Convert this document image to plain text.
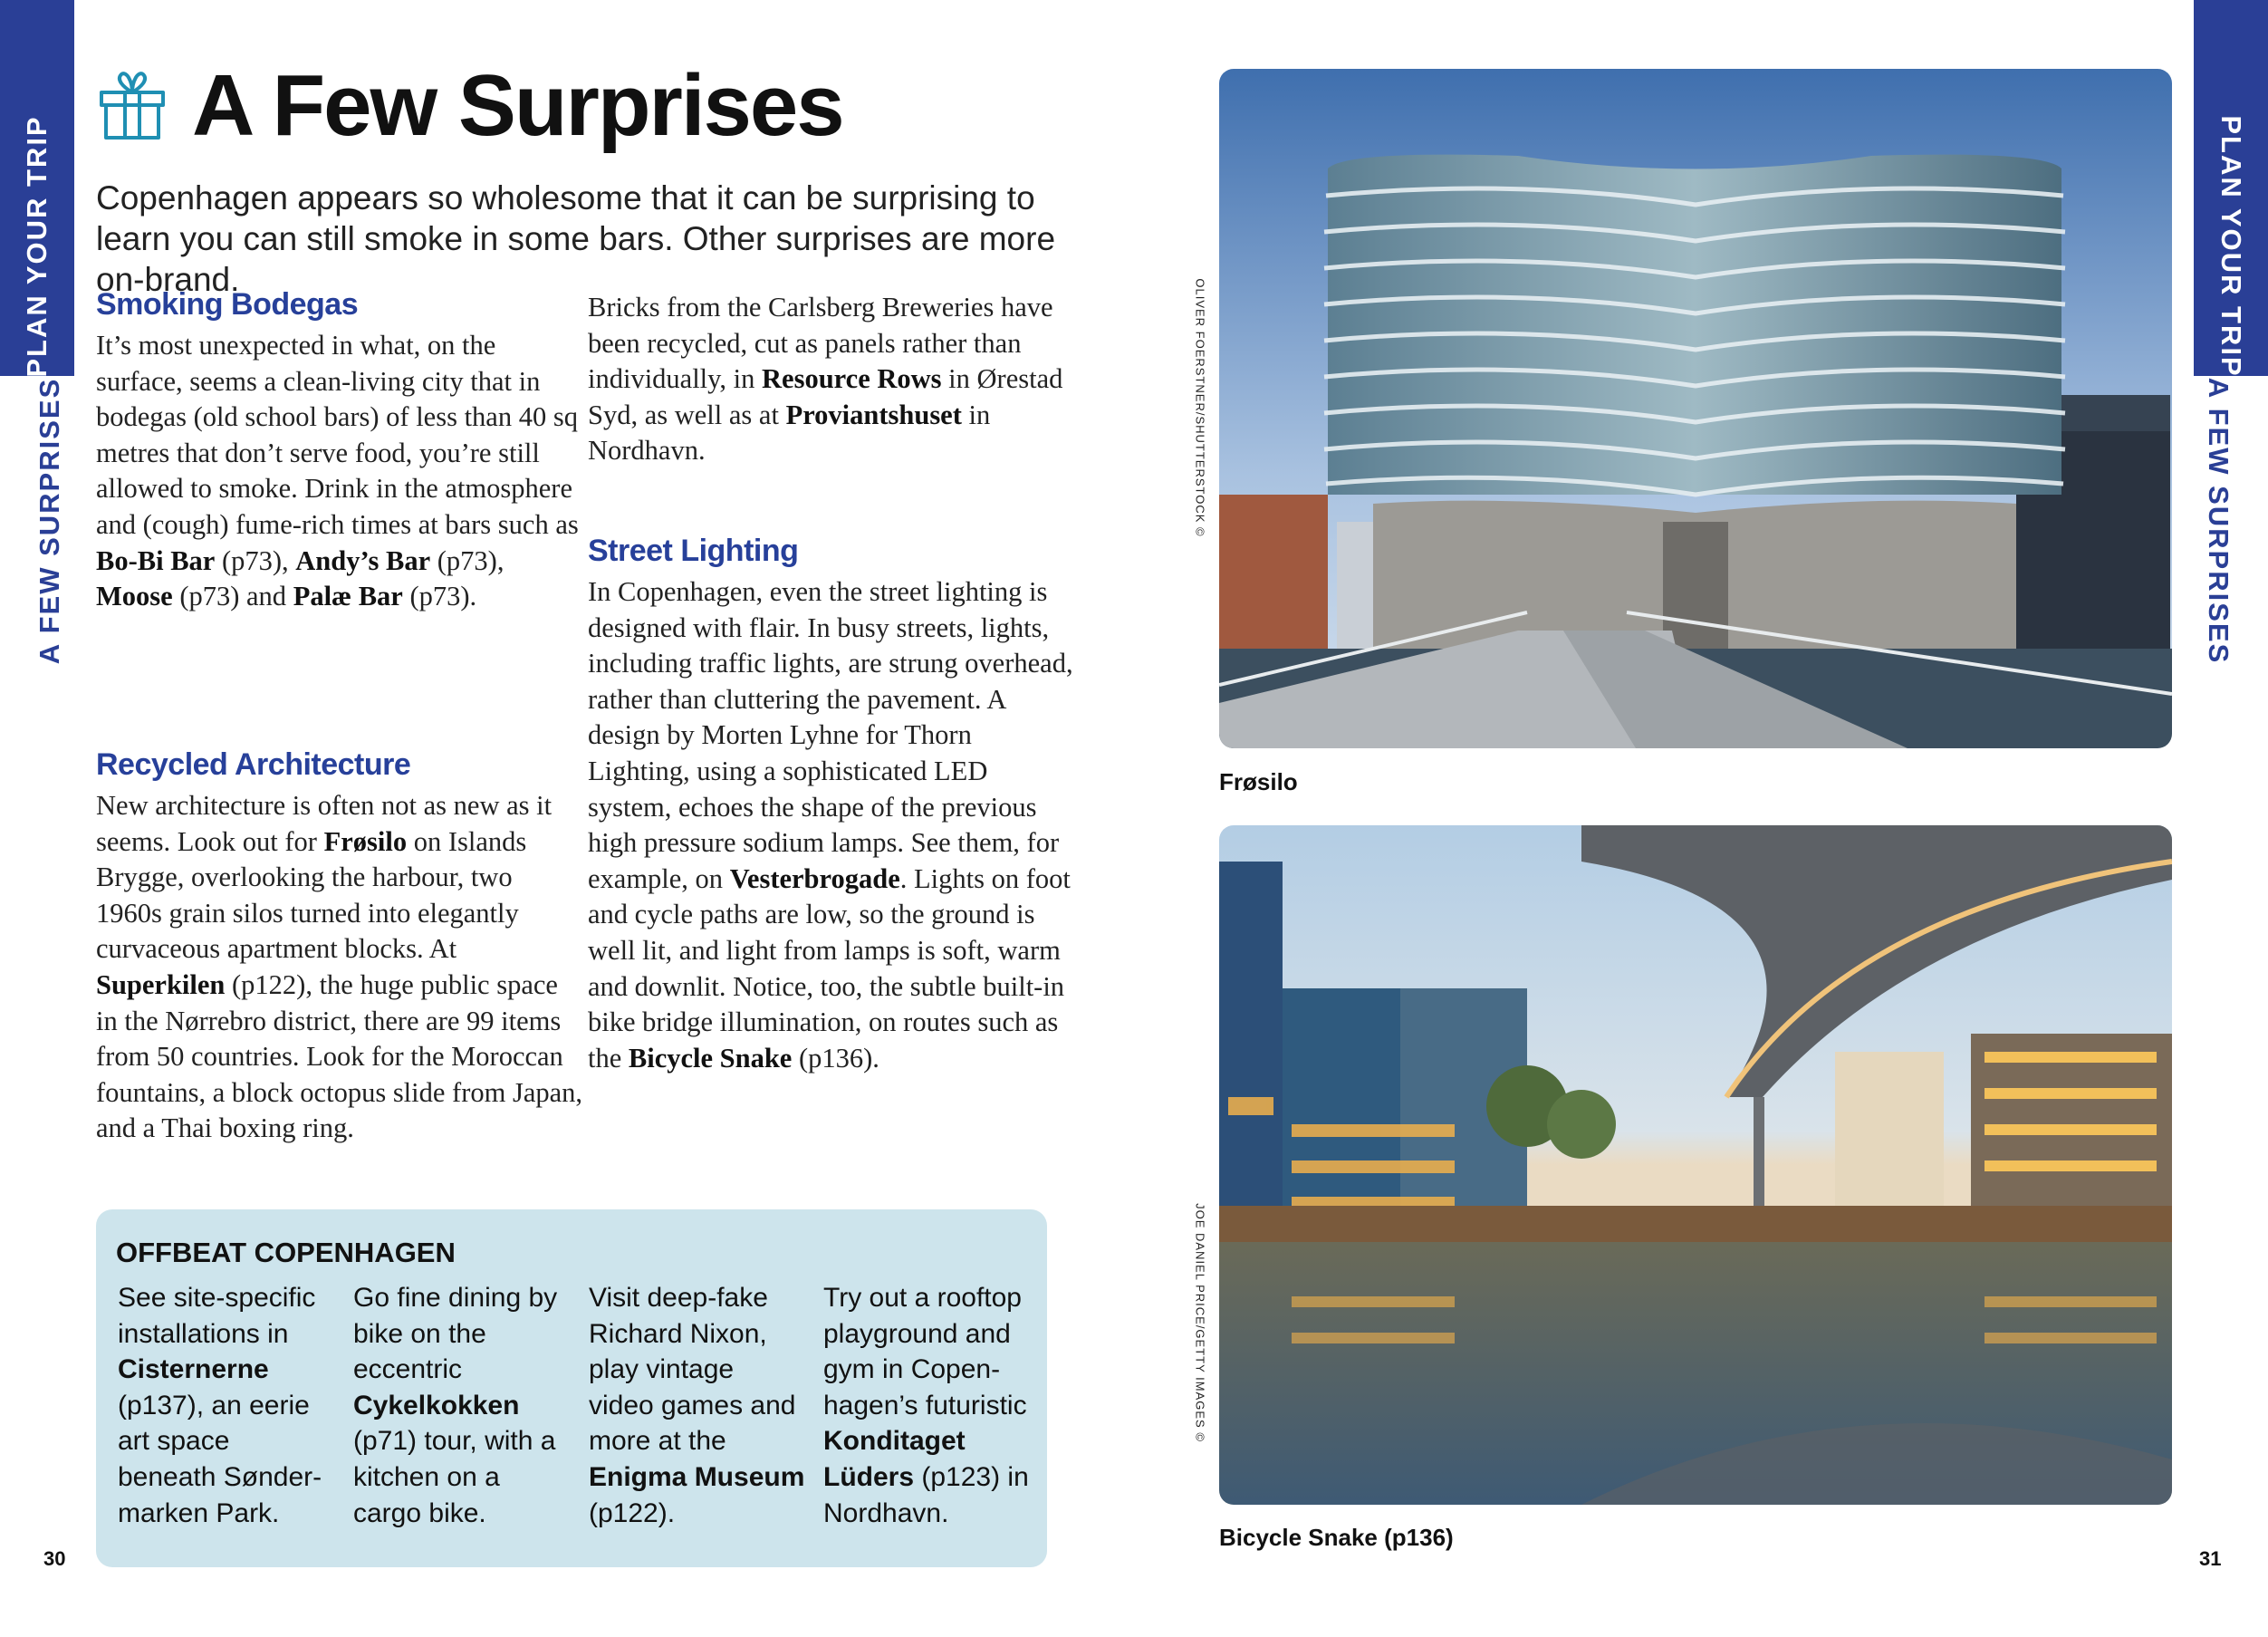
PLAN YOUR TRIP
A FEW SURPRISES
PLAN YOUR TRIP
A FEW SURPRISES
A Few Surprises
Copenhagen appears so wholesome that it can be surprising to learn you can still smoke in some bars. Other surprises are more on-brand.
Smoking Bodegas

It’s most unexpected in what, on the surface, seems a clean-living city that in bodegas (old school bars) of less than 40 sq metres that don’t serve food, you’re still allowed to smoke. Drink in the atmosphere and (cough) fume-rich times at bars such as Bo-Bi Bar (p73), Andy’s Bar (p73), Moose (p73) and Palæ Bar (p73).

Recycled Architecture

New architecture is often not as new as it seems. Look out for Frøsilo on Islands Brygge, overlooking the harbour, two 1960s grain silos turned into elegantly curvaceous apartment blocks. At Superkilen (p122), the huge public space in the Nørrebro district, there are 99 items from 50 countries. Look for the Moroccan fountains, a block octopus slide from Japan, and a Thai boxing ring.

Bricks from the Carlsberg Breweries have been recycled, cut as panels rather than individually, in Resource Rows in Ørestad Syd, as well as at Proviantshuset in Nordhavn.

Street Lighting

In Copenhagen, even the street lighting is designed with flair. In busy streets, lights, including traffic lights, are strung overhead, rather than cluttering the pavement. A design by Morten Lyhne for Thorn Lighting, using a sophisticated LED system, echoes the shape of the previous high pressure sodium lamps. See them, for example, on Vesterbrogade. Lights on foot and cycle paths are low, so the ground is well lit, and light from lamps is soft, warm and downlit. Notice, too, the subtle built-in bike bridge illumination, on routes such as the Bicycle Snake (p136).

OFFBEAT COPENHAGEN
See site-specific installations in Cisternerne (p137), an eerie art space beneath Søndermarken Park.
Go fine dining by bike on the eccentric Cykelkokken (p71) tour, with a kitchen on a cargo bike.
Visit deep-fake Richard Nixon, play vintage video games and more at the Enigma Museum (p122).
Try out a rooftop playground and gym in Copenhagen’s futuristic Konditaget Lüders (p123) in Nordhavn.
OLIVER FOERSTNER/SHUTTERSTOCK ©
Frøsilo
JOE DANIEL PRICE/GETTY IMAGES ©
Bicycle Snake (p136)
30	31
